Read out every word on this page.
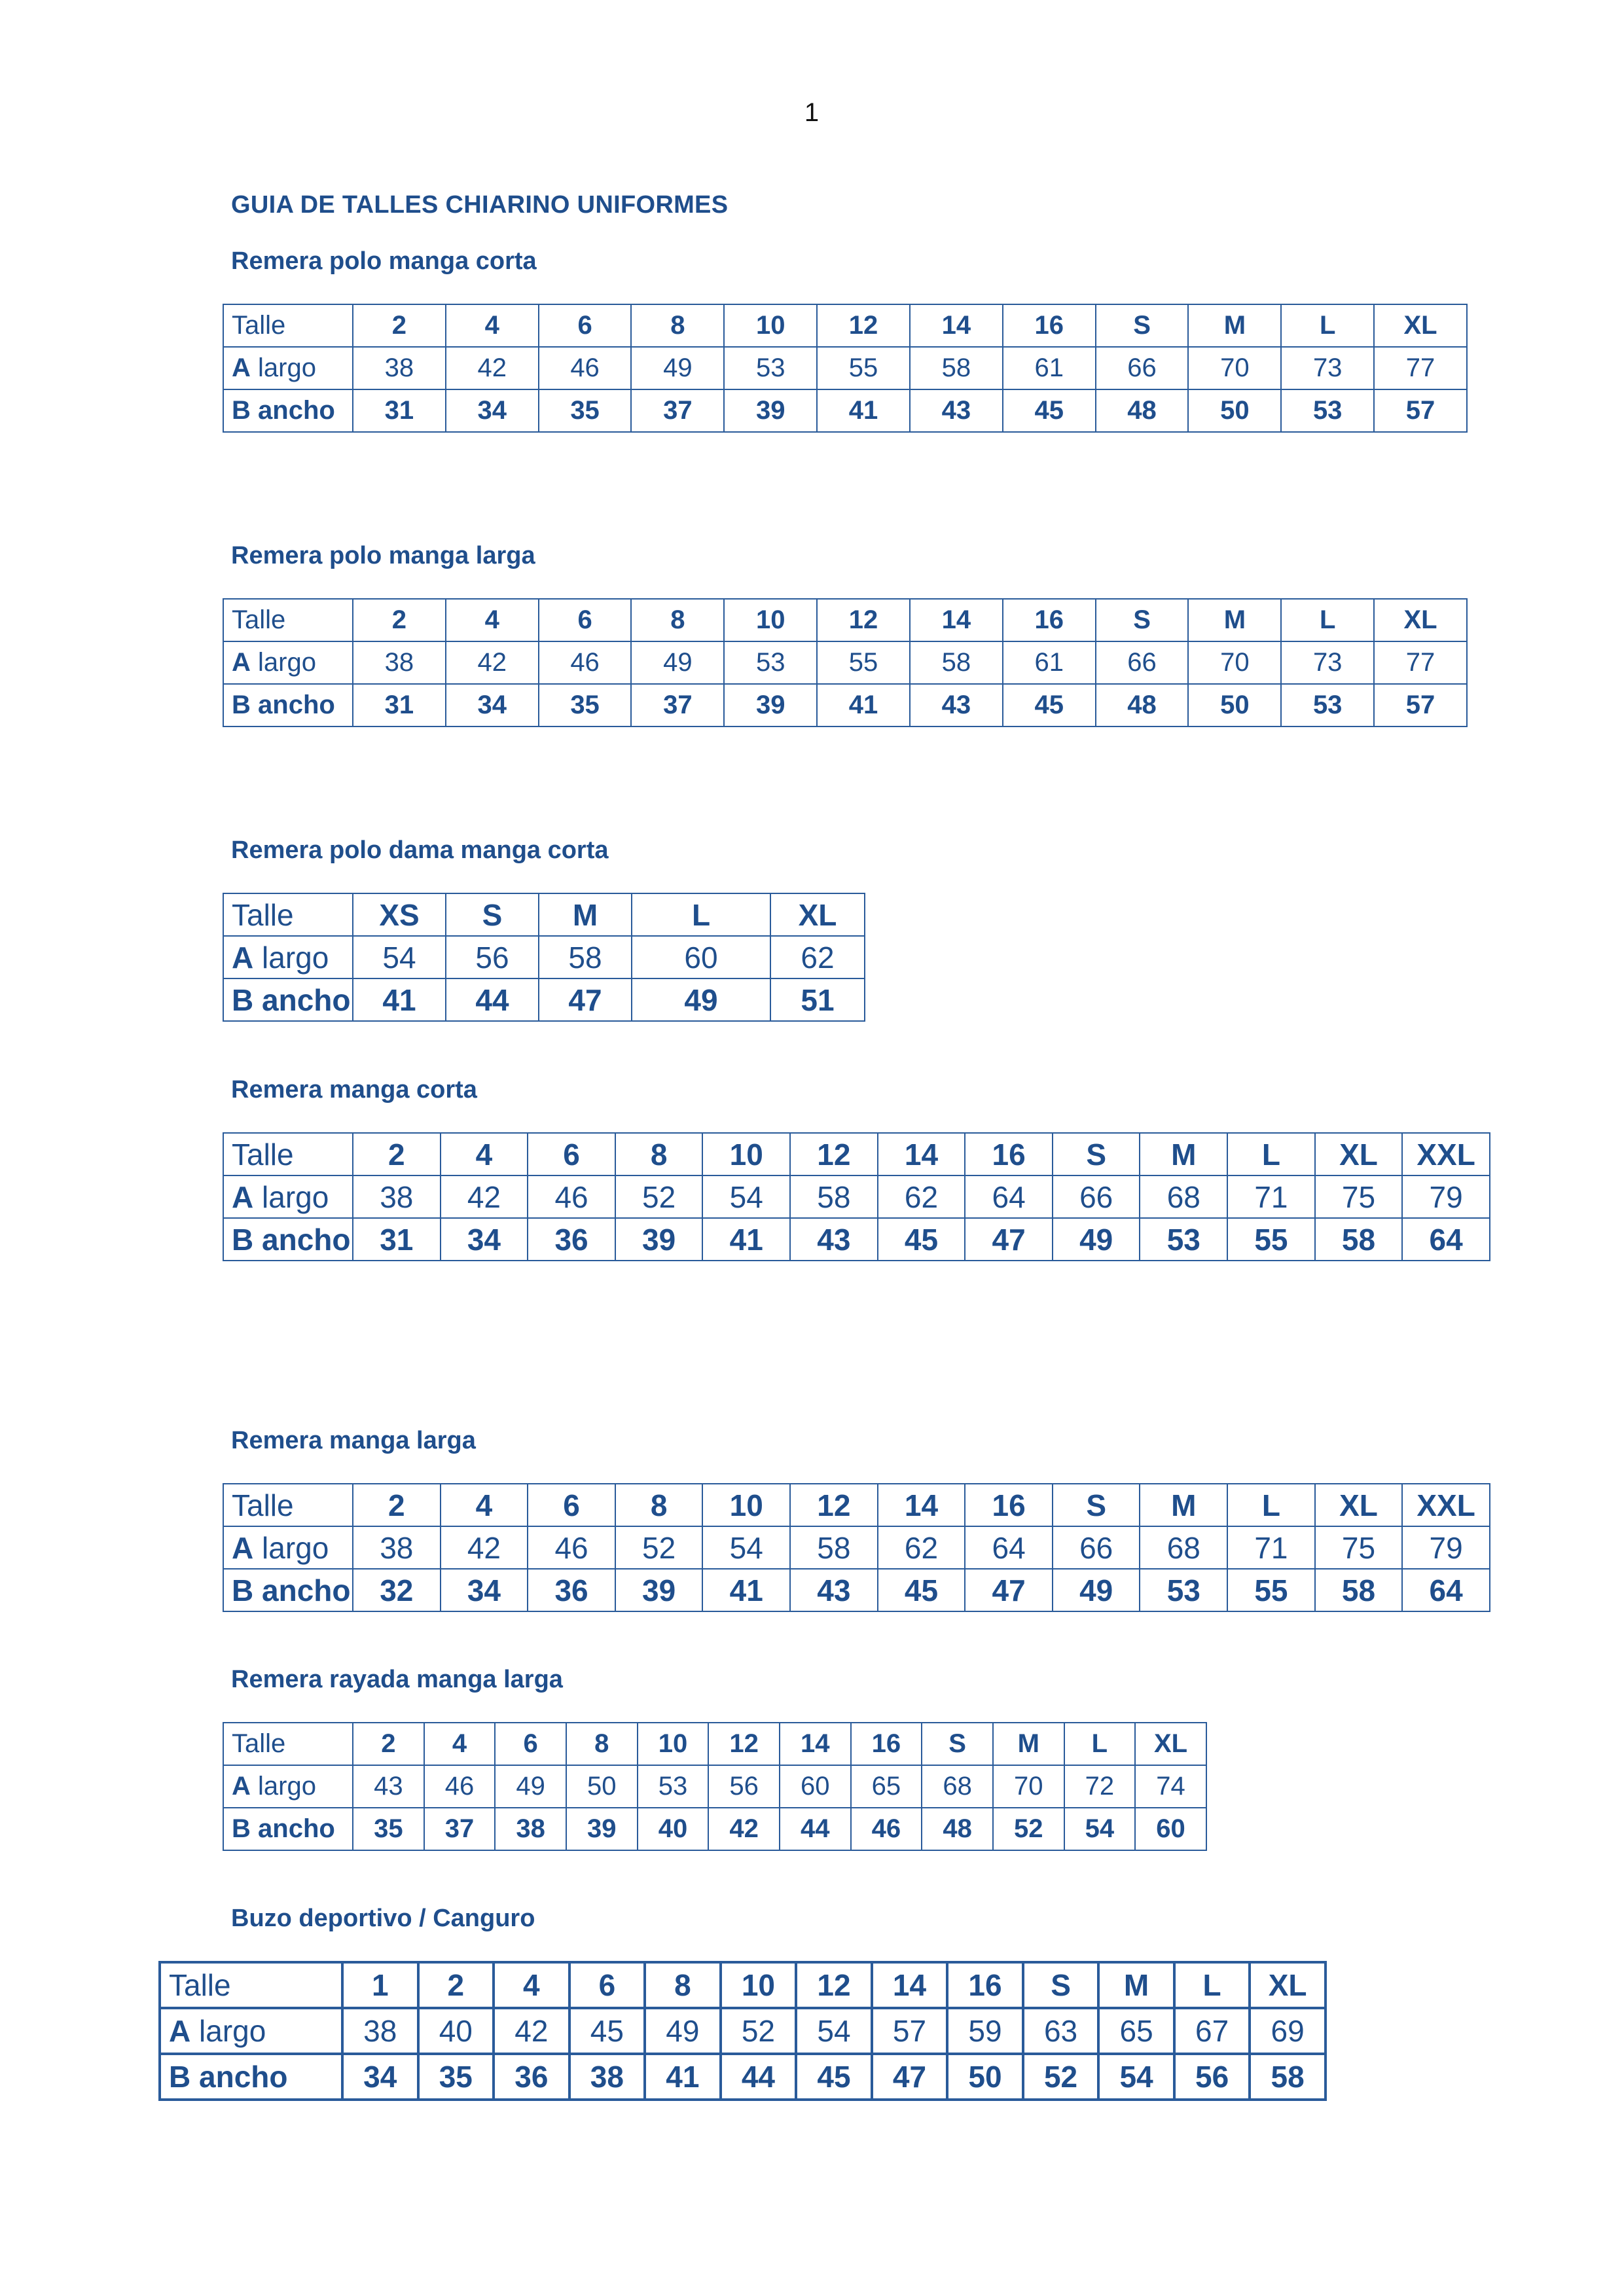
1
GUIA DE TALLES CHIARINO UNIFORMES
Remera polo manga corta
Talle	2	4	6	8	10	12	14	16	S	M	L	XL
A largo	38	42	46	49	53	55	58	61	66	70	73	77
B ancho	31	34	35	37	39	41	43	45	48	50	53	57
Remera polo manga larga
Talle	2	4	6	8	10	12	14	16	S	M	L	XL
A largo	38	42	46	49	53	55	58	61	66	70	73	77
B ancho	31	34	35	37	39	41	43	45	48	50	53	57
Remera polo dama manga corta
Talle	XS	S	M	L	XL
A largo	54	56	58	60	62
B ancho	41	44	47	49	51
Remera manga corta
Talle	2	4	6	8	10	12	14	16	S	M	L	XL	XXL
A largo	38	42	46	52	54	58	62	64	66	68	71	75	79
B ancho	31	34	36	39	41	43	45	47	49	53	55	58	64
Remera manga larga
Talle	2	4	6	8	10	12	14	16	S	M	L	XL	XXL
A largo	38	42	46	52	54	58	62	64	66	68	71	75	79
B ancho	32	34	36	39	41	43	45	47	49	53	55	58	64
Remera rayada manga larga
Talle	2	4	6	8	10	12	14	16	S	M	L	XL
A largo	43	46	49	50	53	56	60	65	68	70	72	74
B ancho	35	37	38	39	40	42	44	46	48	52	54	60
Buzo deportivo / Canguro
Talle	1	2	4	6	8	10	12	14	16	S	M	L	XL
A largo	38	40	42	45	49	52	54	57	59	63	65	67	69
B ancho	34	35	36	38	41	44	45	47	50	52	54	56	58
